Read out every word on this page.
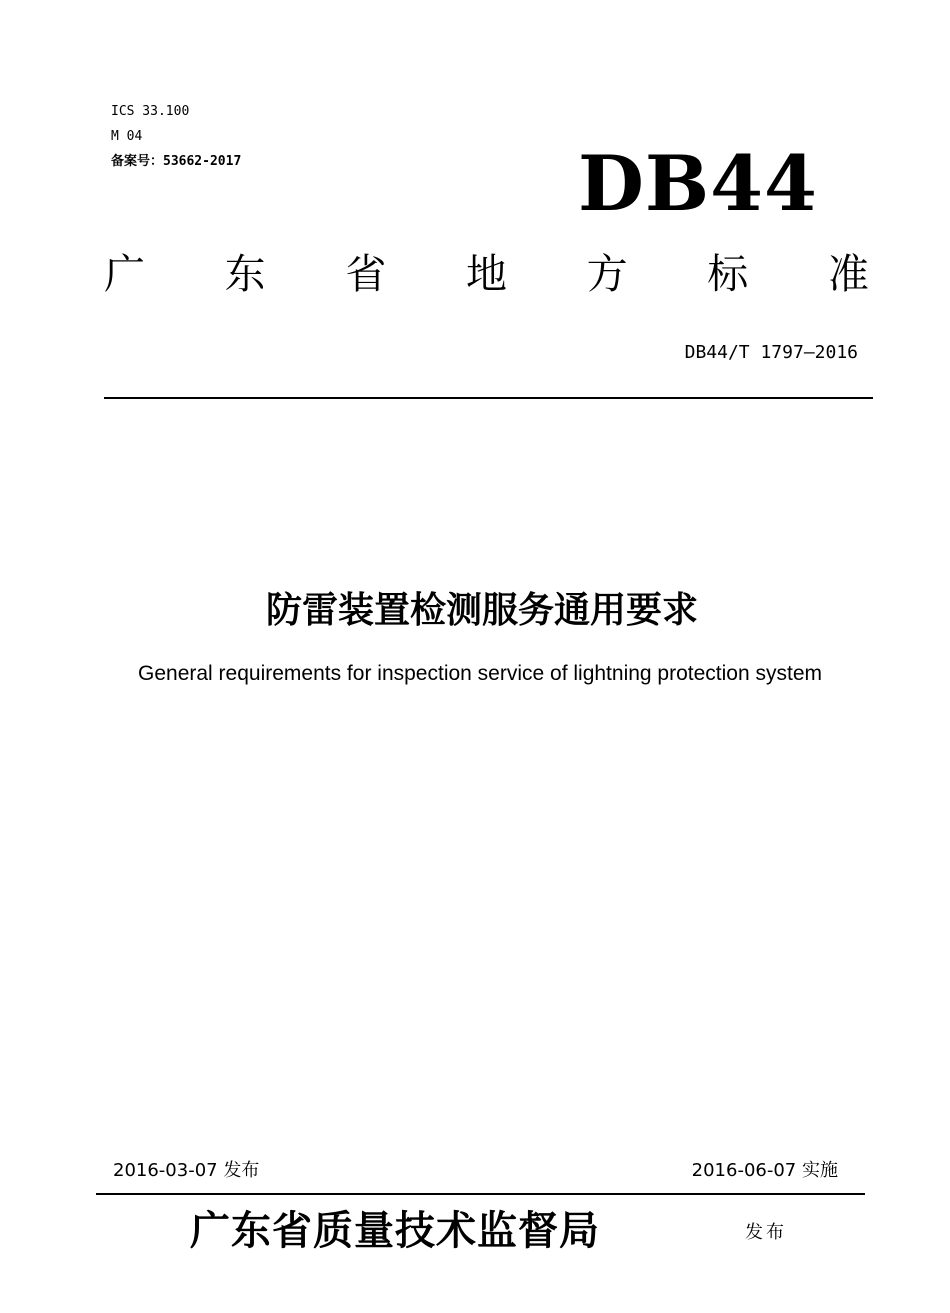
ICS 33.100
M 04
备案号：53662-2017	DB44
广 东 省 地 方 标 准
DB44/T 1797—2016
防雷装置检测服务通用要求
General requirements for inspection service of lightning protection system
2016-03-07 发布	2016-06-07 实施
广东省质量技术监督局	发布
